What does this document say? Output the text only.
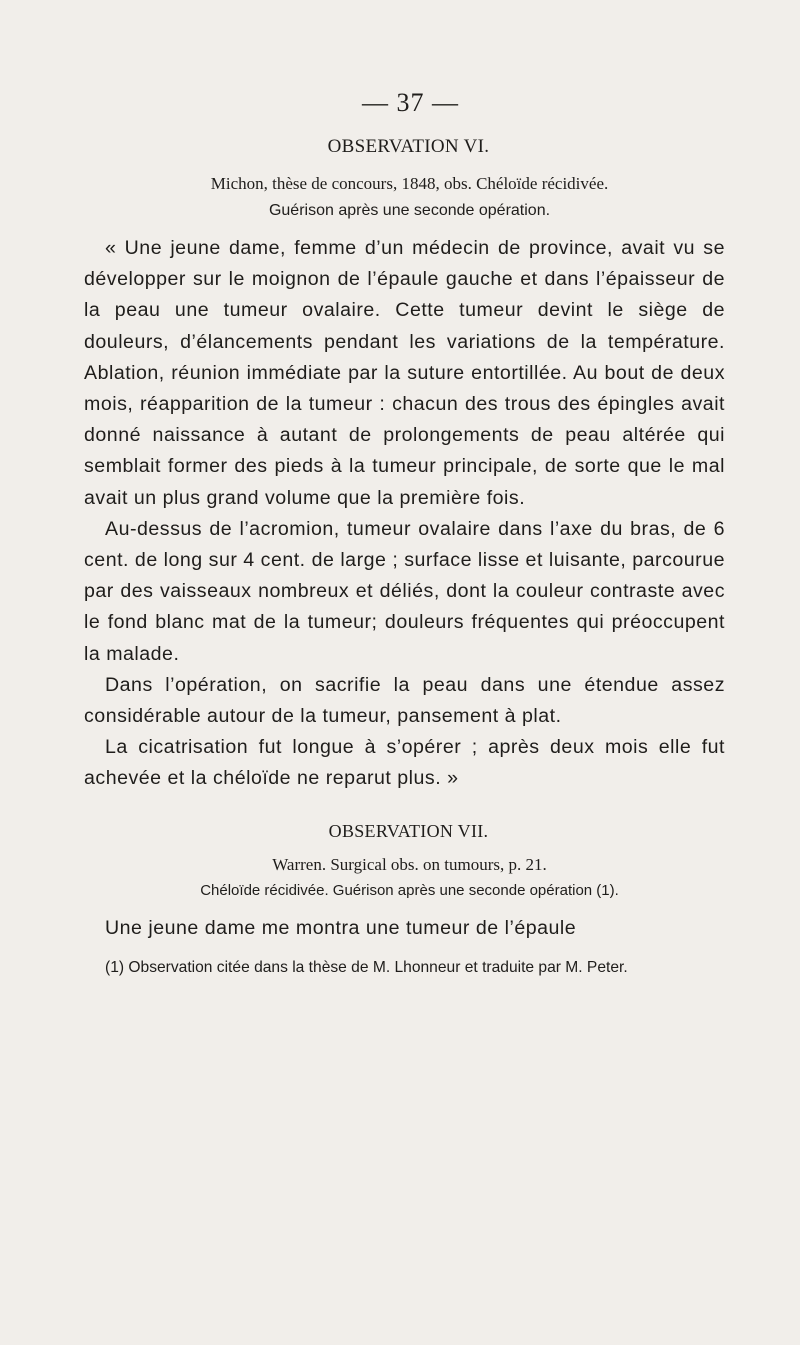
— 37 —
OBSERVATION VI.
Michon, thèse de concours, 1848, obs. Chéloïde récidivée.
Guérison après une seconde opération.

« Une jeune dame, femme d’un médecin de province, avait vu se développer sur le moignon de l’épaule gauche et dans l’épaisseur de la peau une tumeur ovalaire. Cette tumeur devint le siège de douleurs, d’élancements pendant les variations de la température. Ablation, réunion immédiate par la suture entortillée. Au bout de deux mois, réapparition de la tumeur : chacun des trous des épingles avait donné naissance à autant de prolongements de peau altérée qui semblait former des pieds à la tumeur principale, de sorte que le mal avait un plus grand volume que la première fois.

Au-dessus de l’acromion, tumeur ovalaire dans l’axe du bras, de 6 cent. de long sur 4 cent. de large ; surface lisse et luisante, parcourue par des vaisseaux nombreux et déliés, dont la couleur contraste avec le fond blanc mat de la tumeur; douleurs fréquentes qui préoccupent la malade.

Dans l’opération, on sacrifie la peau dans une étendue assez considérable autour de la tumeur, pansement à plat.

La cicatrisation fut longue à s’opérer ; après deux mois elle fut achevée et la chéloïde ne reparut plus. »

OBSERVATION VII.
Warren. Surgical obs. on tumours, p. 21.
Chéloïde récidivée. Guérison après une seconde opération (1).

Une jeune dame me montra une tumeur de l’épaule

(1) Observation citée dans la thèse de M. Lhonneur et traduite par M. Peter.
